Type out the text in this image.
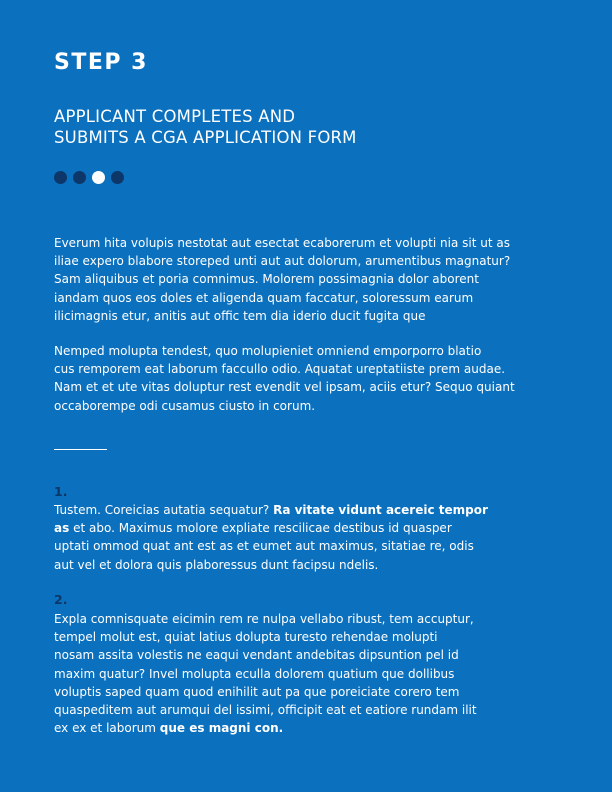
STEP 3
APPLICANT COMPLETES AND
SUBMITS A CGA APPLICATION FORM

Everum hita volupis nestotat aut esectat ecaborerum et volupti nia sit ut as
iliae expero blabore storeped unti aut aut dolorum, arumentibus magnatur?
Sam aliquibus et poria comnimus. Molorem possimagnia dolor aborent
iandam quos eos doles et aligenda quam faccatur, soloressum earum
ilicimagnis etur, anitis aut offic tem dia iderio ducit fugita que

Nemped molupta tendest, quo molupieniet omniend emporporro blatio
cus remporem eat laborum faccullo odio. Aquatat ureptatiiste prem audae.
Nam et et ute vitas doluptur rest evendit vel ipsam, aciis etur? Sequo quiant
occaborempe odi cusamus ciusto in corum.

1.

Tustem. Coreicias autatia sequatur? Ra vitate vidunt acereic tempor
as et abo. Maximus molore expliate rescilicae destibus id quasper
uptati ommod quat ant est as et eumet aut maximus, sitatiae re, odis
aut vel et dolora quis plaboressus dunt facipsu ndelis.

2.

Expla comnisquate eicimin rem re nulpa vellabo ribust, tem accuptur,
tempel molut est, quiat latius dolupta turesto rehendae molupti
nosam assita volestis ne eaqui vendant andebitas dipsuntion pel id
maxim quatur? Invel molupta eculla dolorem quatium que dollibus
voluptis saped quam quod enihilit aut pa que poreiciate corero tem
quaspeditem aut arumqui del issimi, officipit eat et eatiore rundam ilit
ex ex et laborum que es magni con.
